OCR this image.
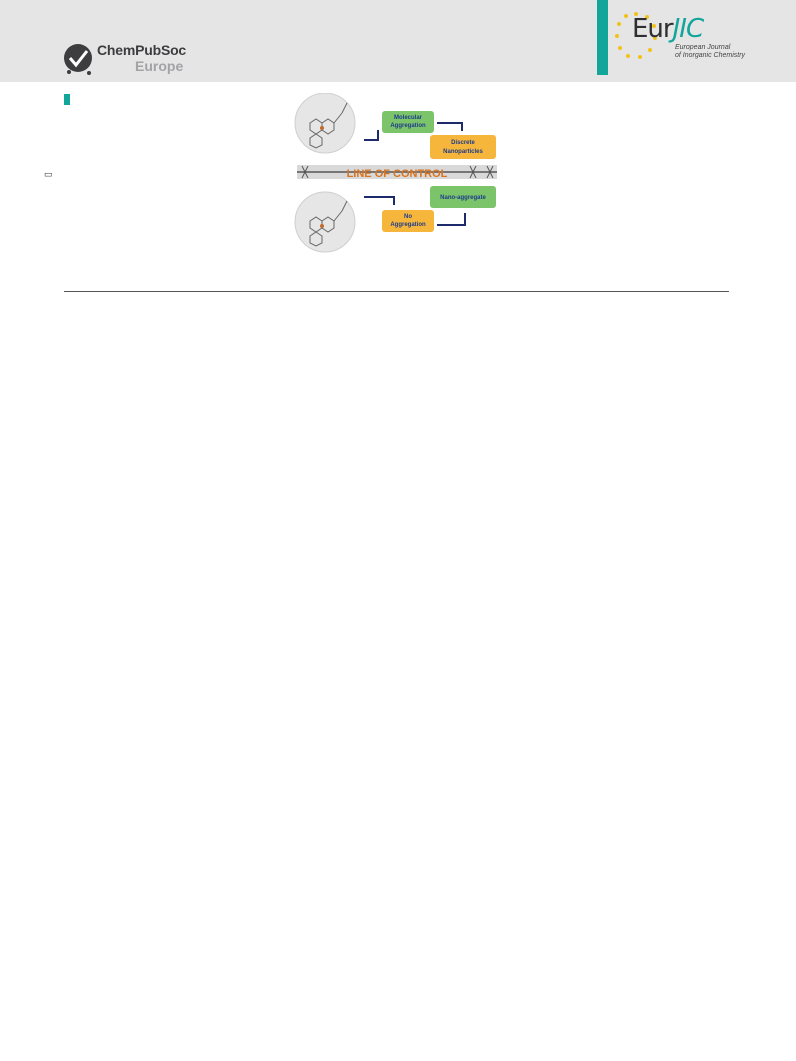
ChemPubSoc
Europe
EurJIC
European Journal
of Inorganic Chemistry
▭
Molecular
Aggregation
Discrete
Nanoparticles
LINE OF CONTROL
Nano-aggregate
No
Aggregation
